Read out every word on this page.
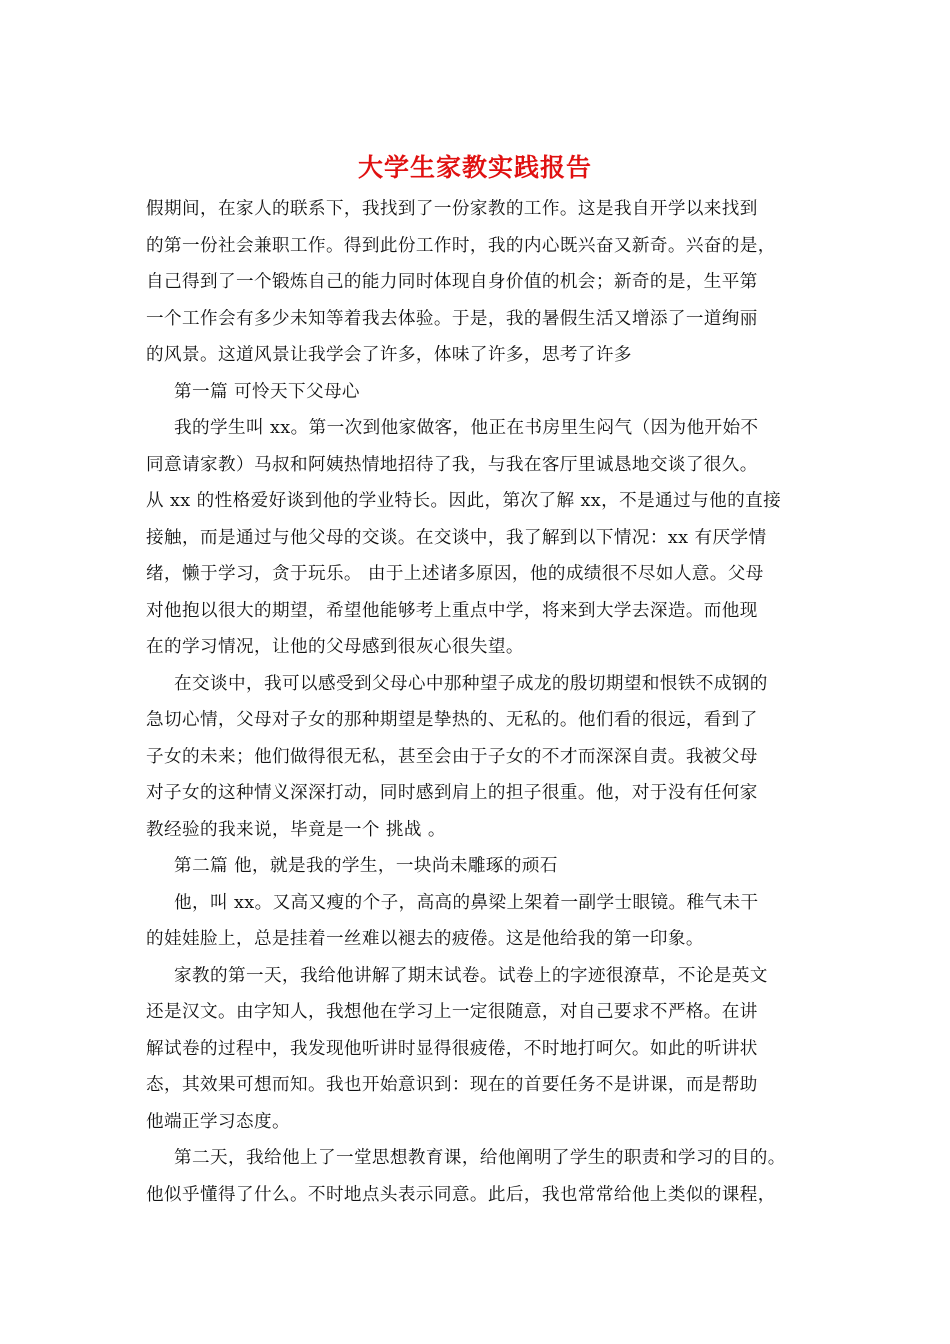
大学生家教实践报告
假期间，在家人的联系下，我找到了一份家教的工作。这是我自开学以来找到
的第一份社会兼职工作。得到此份工作时，我的内心既兴奋又新奇。兴奋的是，
自己得到了一个锻炼自己的能力同时体现自身价值的机会；新奇的是，生平第
一个工作会有多少未知等着我去体验。于是，我的暑假生活又增添了一道绚丽
的风景。这道风景让我学会了许多，体味了许多，思考了许多
第一篇 可怜天下父母心
我的学生叫 xx。第一次到他家做客，他正在书房里生闷气（因为他开始不
同意请家教）马叔和阿姨热情地招待了我，与我在客厅里诚恳地交谈了很久。
从 xx 的性格爱好谈到他的学业特长。因此，第次了解 xx，不是通过与他的直接
接触，而是通过与他父母的交谈。在交谈中，我了解到以下情况：xx 有厌学情
绪，懒于学习，贪于玩乐。 由于上述诸多原因，他的成绩很不尽如人意。父母
对他抱以很大的期望，希望他能够考上重点中学，将来到大学去深造。而他现
在的学习情况，让他的父母感到很灰心很失望。
在交谈中，我可以感受到父母心中那种望子成龙的殷切期望和恨铁不成钢的
急切心情，父母对子女的那种期望是挚热的、无私的。他们看的很远，看到了
子女的未来；他们做得很无私，甚至会由于子女的不才而深深自责。我被父母
对子女的这种情义深深打动，同时感到肩上的担子很重。他，对于没有任何家
教经验的我来说，毕竟是一个 挑战 。
第二篇 他，就是我的学生，一块尚未雕琢的顽石
他，叫 xx。又高又瘦的个子，高高的鼻梁上架着一副学士眼镜。稚气未干
的娃娃脸上，总是挂着一丝难以褪去的疲倦。这是他给我的第一印象。
家教的第一天，我给他讲解了期末试卷。试卷上的字迹很潦草，不论是英文
还是汉文。由字知人，我想他在学习上一定很随意，对自己要求不严格。在讲
解试卷的过程中，我发现他听讲时显得很疲倦，不时地打呵欠。如此的听讲状
态，其效果可想而知。我也开始意识到：现在的首要任务不是讲课，而是帮助
他端正学习态度。
第二天，我给他上了一堂思想教育课，给他阐明了学生的职责和学习的目的。
他似乎懂得了什么。不时地点头表示同意。此后，我也常常给他上类似的课程，
